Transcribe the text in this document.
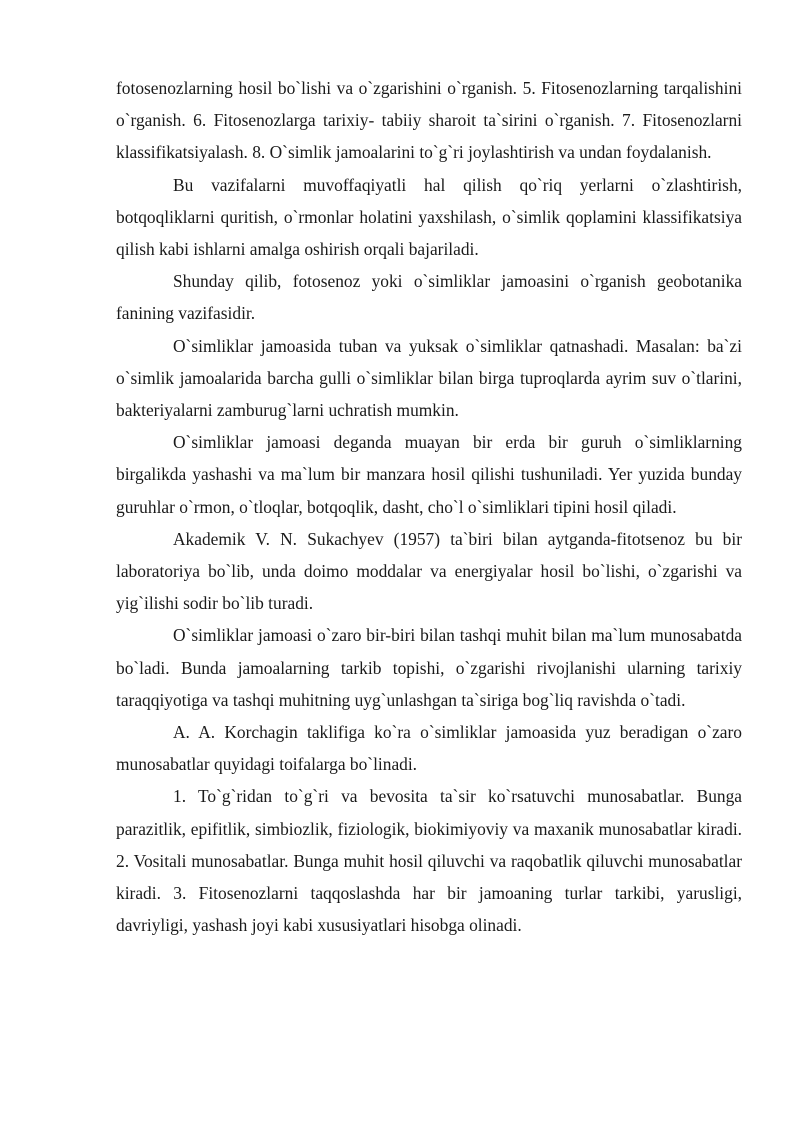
fotosenozlarning hosil bo`lishi va o`zgarishini o`rganish. 5. Fitosenozlarning tarqalishini o`rganish. 6. Fitosenozlarga tarixiy- tabiiy sharoit ta`sirini o`rganish. 7. Fitosenozlarni klassifikatsiyalash. 8. O`simlik jamoalarini to`g`ri joylashtirish va undan foydalanish.

Bu vazifalarni muvoffaqiyatli hal qilish qo`riq yerlarni o`zlashtirish, botqoqliklarni quritish, o`rmonlar holatini yaxshilash, o`simlik qoplamini klassifikatsiya qilish kabi ishlarni amalga oshirish orqali bajariladi.

Shunday qilib, fotosenoz yoki o`simliklar jamoasini o`rganish geobotanika fanining vazifasidir.

O`simliklar jamoasida tuban va yuksak o`simliklar qatnashadi. Masalan: ba`zi o`simlik jamoalarida barcha gulli o`simliklar bilan birga tuproqlarda ayrim suv o`tlarini, bakteriyalarni zamburug`larni uchratish mumkin.

O`simliklar jamoasi deganda muayan bir erda bir guruh o`simliklarning birgalikda yashashi va ma`lum bir manzara hosil qilishi tushuniladi. Yer yuzida bunday guruhlar o`rmon, o`tloqlar, botqoqlik, dasht, cho`l o`simliklari tipini hosil qiladi.

Akademik V. N. Sukachyev (1957) ta`biri bilan aytganda-fitotsenoz bu bir laboratoriya bo`lib, unda doimo moddalar va energiyalar hosil bo`lishi, o`zgarishi va yig`ilishi sodir bo`lib turadi.

O`simliklar jamoasi o`zaro bir-biri bilan tashqi muhit bilan ma`lum munosabatda bo`ladi. Bunda jamoalarning tarkib topishi, o`zgarishi rivojlanishi ularning tarixiy taraqqiyotiga va tashqi muhitning uyg`unlashgan ta`siriga bog`liq ravishda o`tadi.

A. A. Korchagin taklifiga ko`ra o`simliklar jamoasida yuz beradigan o`zaro munosabatlar quyidagi toifalarga bo`linadi.

1. To`g`ridan to`g`ri va bevosita ta`sir ko`rsatuvchi munosabatlar. Bunga parazitlik, epifitlik, simbiozlik, fiziologik, biokimiyoviy va maxanik munosabatlar kiradi. 2. Vositali munosabatlar. Bunga muhit hosil qiluvchi va raqobatlik qiluvchi munosabatlar kiradi. 3. Fitosenozlarni taqqoslashda har bir jamoaning turlar tarkibi, yarusligi, davriyligi, yashash joyi kabi xususiyatlari hisobga olinadi.
